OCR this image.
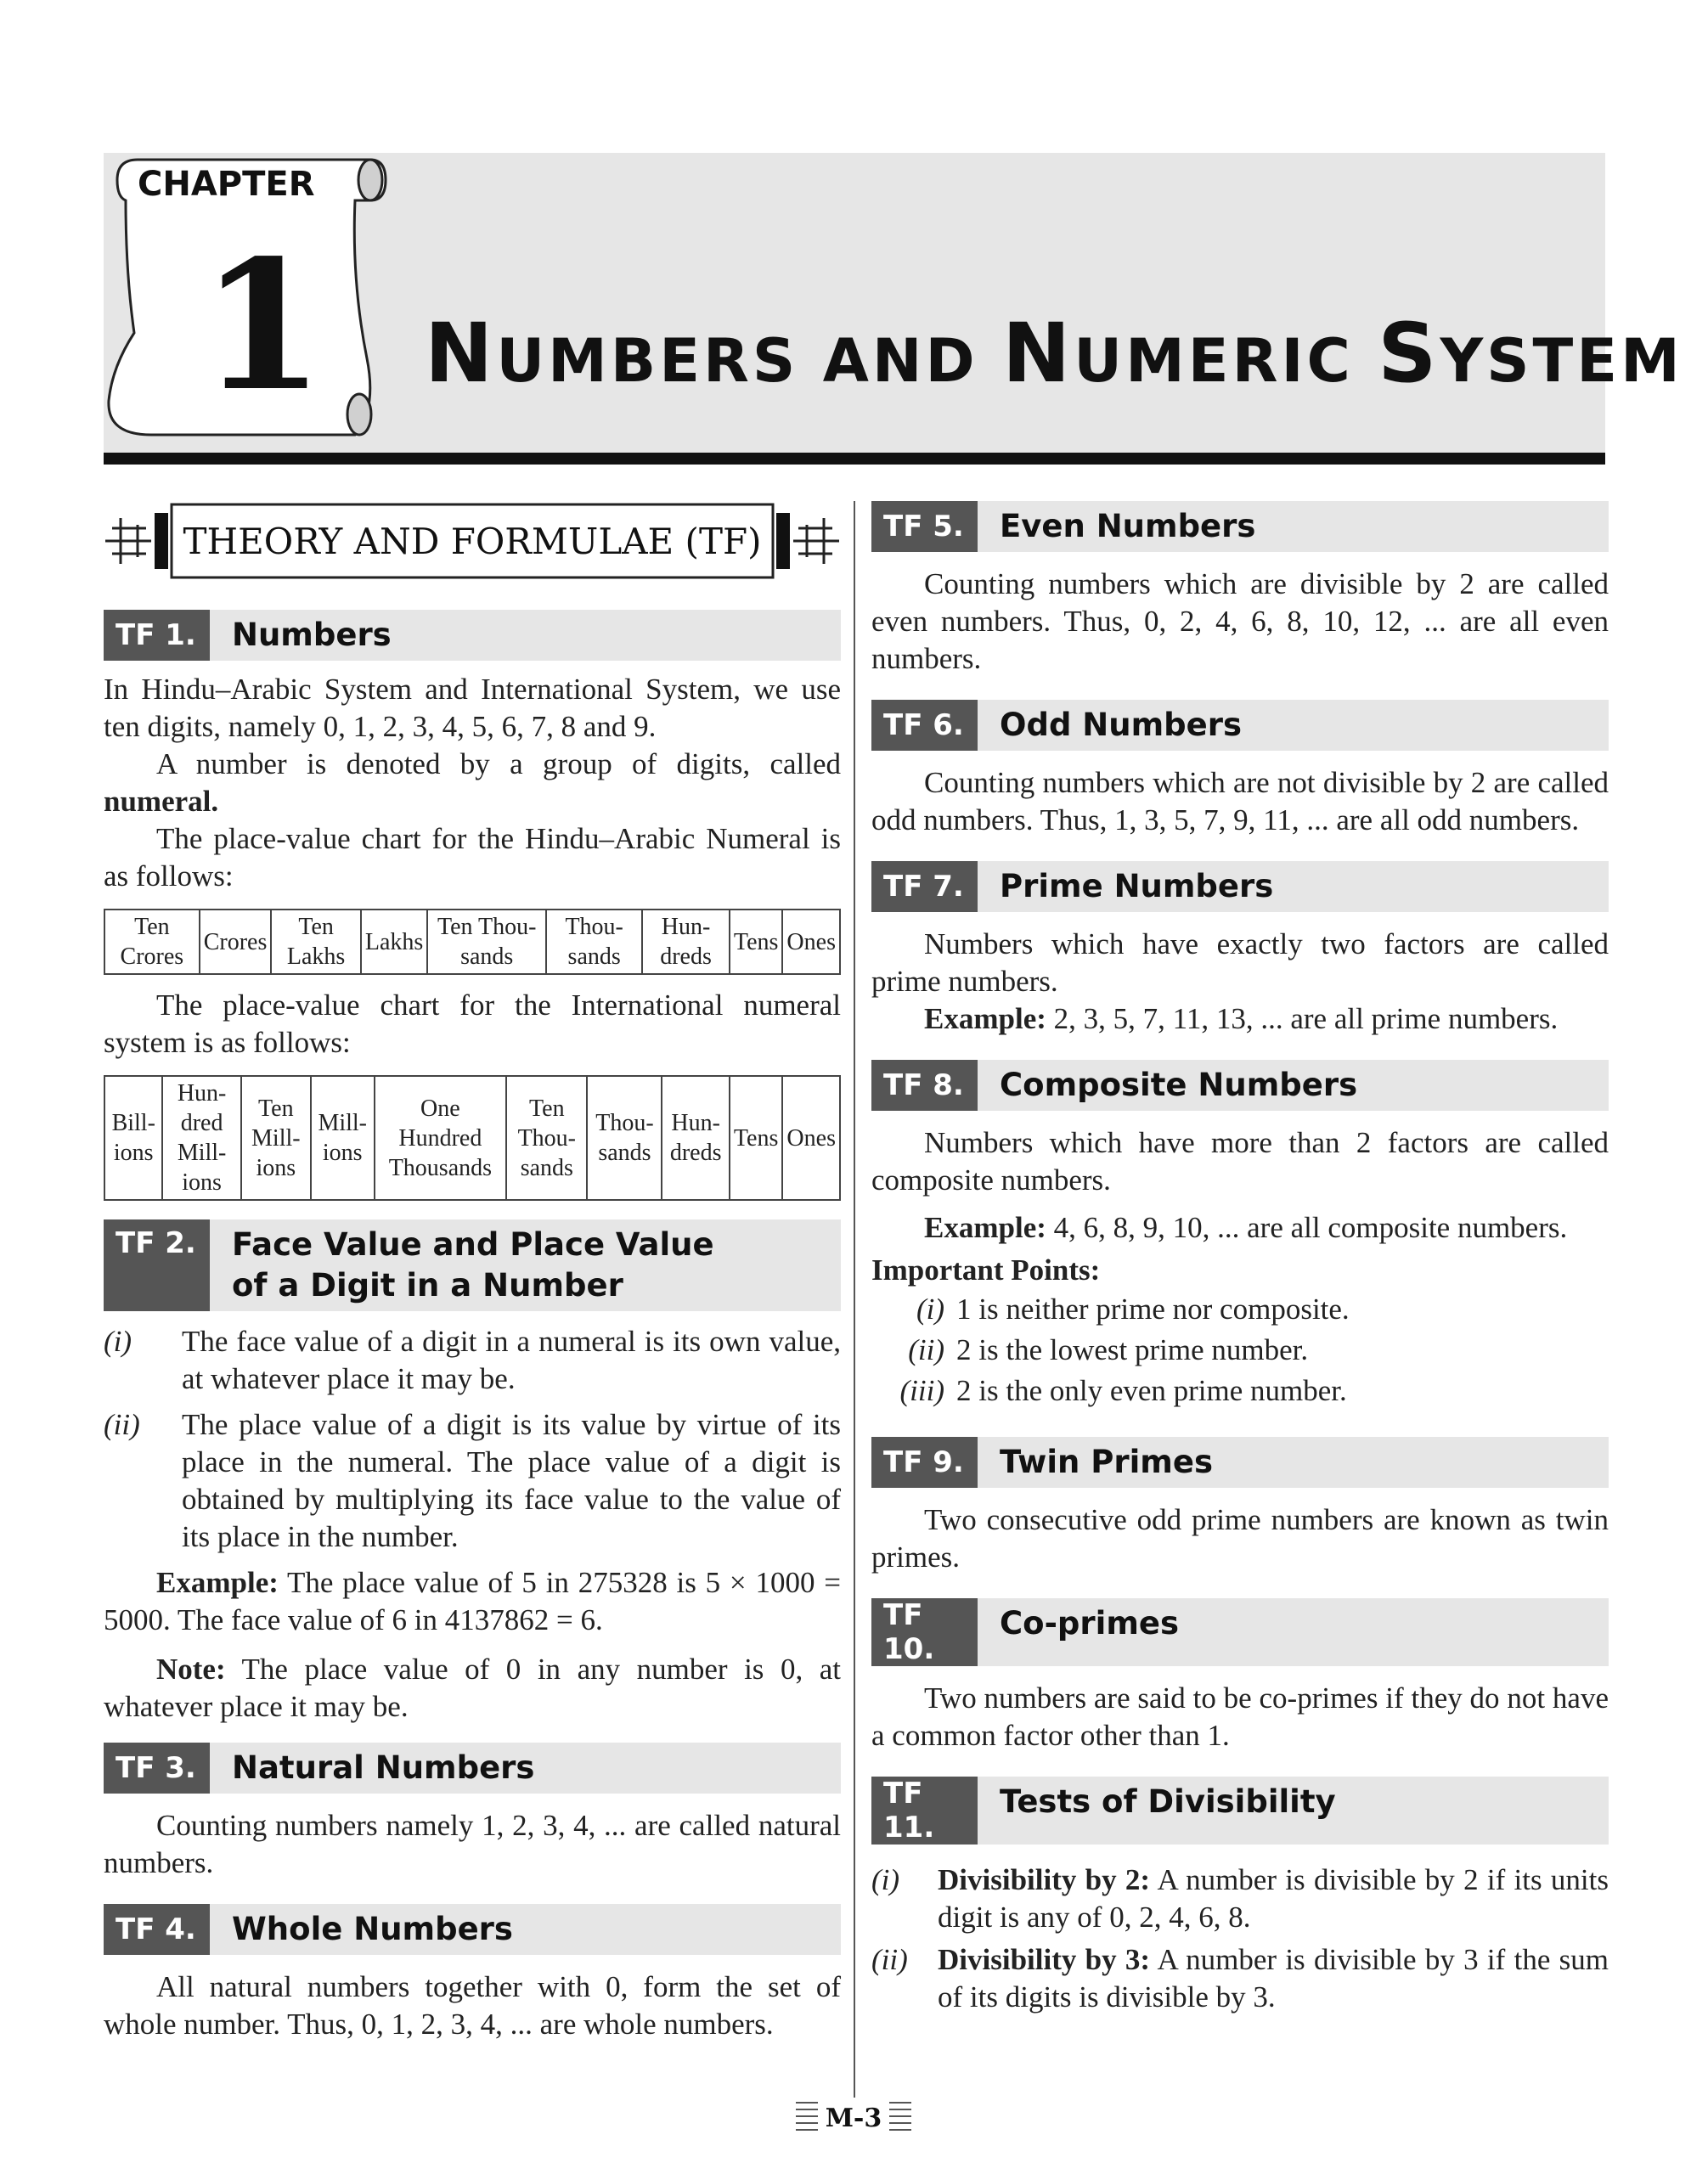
CHAPTER
1 NUMBERS AND NUMERIC SYSTEM
THEORY AND FORMULAE (TF)
TF 1.	Numbers

In Hindu–Arabic System and International System, we use ten digits, namely 0, 1, 2, 3, 4, 5, 6, 7, 8 and 9.

A number is denoted by a group of digits, called numeral.

The place-value chart for the Hindu–Arabic Numeral is as follows:

Ten Crores	Crores	Ten Lakhs	Lakhs	Ten Thou-sands	Thou-sands	Hun-dreds	Tens	Ones

The place-value chart for the International numeral system is as follows:

Bill-ions	Hun-dred Mill-ions	Ten Mill-ions	Mill-ions	One Hundred Thousands	Ten Thou-sands	Thou-sands	Hun-dreds	Tens	Ones
TF 2.	Face Value and Place Value of a Digit in a Number
(i)	The face value of a digit in a numeral is its own value, at whatever place it may be.
(ii)	The place value of a digit is its value by virtue of its place in the numeral. The place value of a digit is obtained by multiplying its face value to the value of its place in the number.

Example: The place value of 5 in 275328 is 5 × 1000 = 5000. The face value of 6 in 4137862 = 6.

Note: The place value of 0 in any number is 0, at whatever place it may be.

TF 3.	Natural Numbers

Counting numbers namely 1, 2, 3, 4, ... are called natural numbers.

TF 4.	Whole Numbers

All natural numbers together with 0, form the set of whole number. Thus, 0, 1, 2, 3, 4, ... are whole numbers.

TF 5.	Even Numbers

Counting numbers which are divisible by 2 are called even numbers. Thus, 0, 2, 4, 6, 8, 10, 12, ... are all even numbers.

TF 6.	Odd Numbers

Counting numbers which are not divisible by 2 are called odd numbers. Thus, 1, 3, 5, 7, 9, 11, ... are all odd numbers.

TF 7.	Prime Numbers

Numbers which have exactly two factors are called prime numbers.

Example: 2, 3, 5, 7, 11, 13, ... are all prime numbers.

TF 8.	Composite Numbers

Numbers which have more than 2 factors are called composite numbers.

Example: 4, 6, 8, 9, 10, ... are all composite numbers.

Important Points:

(i) 1 is neither prime nor composite.
(ii) 2 is the lowest prime number.
(iii) 2 is the only even prime number.
TF 9.	Twin Primes

Two consecutive odd prime numbers are known as twin primes.

TF 10.
Co-primes

Two numbers are said to be co-primes if they do not have a common factor other than 1.

TF 11.
Tests of Divisibility
(i)	Divisibility by 2: A number is divisible by 2 if its units digit is any of 0, 2, 4, 6, 8.
(ii)	Divisibility by 3: A number is divisible by 3 if the sum of its digits is divisible by 3.
M-3
